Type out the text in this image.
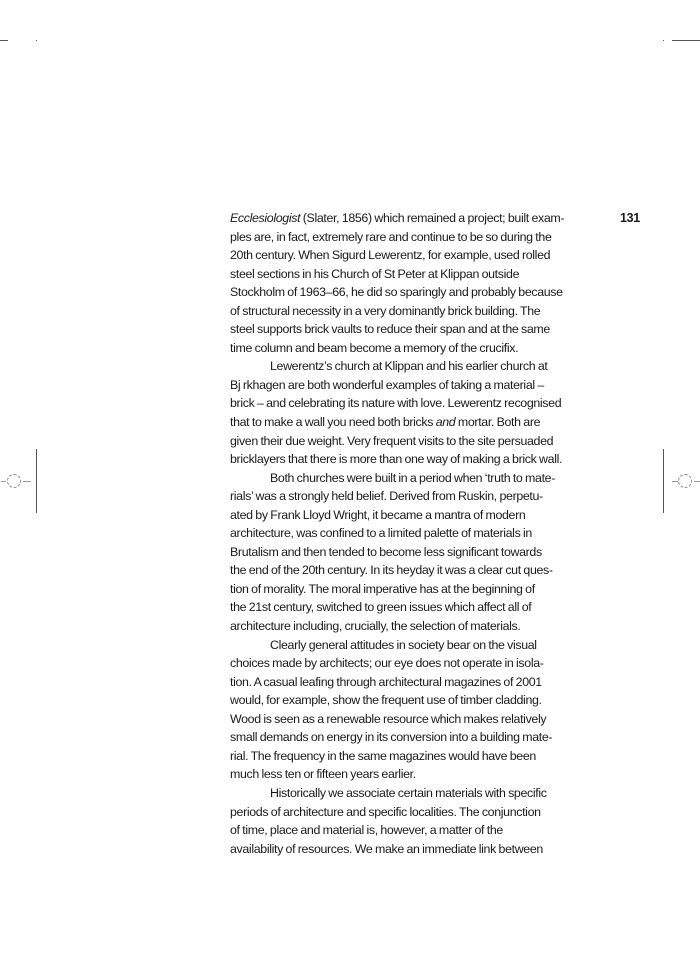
131
Ecclesiologist (Slater, 1856) which remained a project; built exam-
ples are, in fact, extremely rare and continue to be so during the
20th century. When Sigurd Lewerentz, for example, used rolled
steel sections in his Church of St Peter at Klippan outside
Stockholm of 1963–66, he did so sparingly and probably because
of structural necessity in a very dominantly brick building. The
steel supports brick vaults to reduce their span and at the same
time column and beam become a memory of the crucifix.
Lewerentz’s church at Klippan and his earlier church at
Bj rkhagen are both wonderful examples of taking a material –
brick – and celebrating its nature with love. Lewerentz recognised
that to make a wall you need both bricks and mortar. Both are
given their due weight. Very frequent visits to the site persuaded
bricklayers that there is more than one way of making a brick wall.
Both churches were built in a period when ‘truth to mate-
rials’ was a strongly held belief. Derived from Ruskin, perpetu-
ated by Frank Lloyd Wright, it became a mantra of modern
architecture, was confined to a limited palette of materials in
Brutalism and then tended to become less significant towards
the end of the 20th century. In its heyday it was a clear cut ques-
tion of morality. The moral imperative has at the beginning of
the 21st century, switched to green issues which affect all of
architecture including, crucially, the selection of materials.
Clearly general attitudes in society bear on the visual
choices made by architects; our eye does not operate in isola-
tion. A casual leafing through architectural magazines of 2001
would, for example, show the frequent use of timber cladding.
Wood is seen as a renewable resource which makes relatively
small demands on energy in its conversion into a building mate-
rial. The frequency in the same magazines would have been
much less ten or fifteen years earlier.
Historically we associate certain materials with specific
periods of architecture and specific localities. The conjunction
of time, place and material is, however, a matter of the
availability of resources. We make an immediate link between
